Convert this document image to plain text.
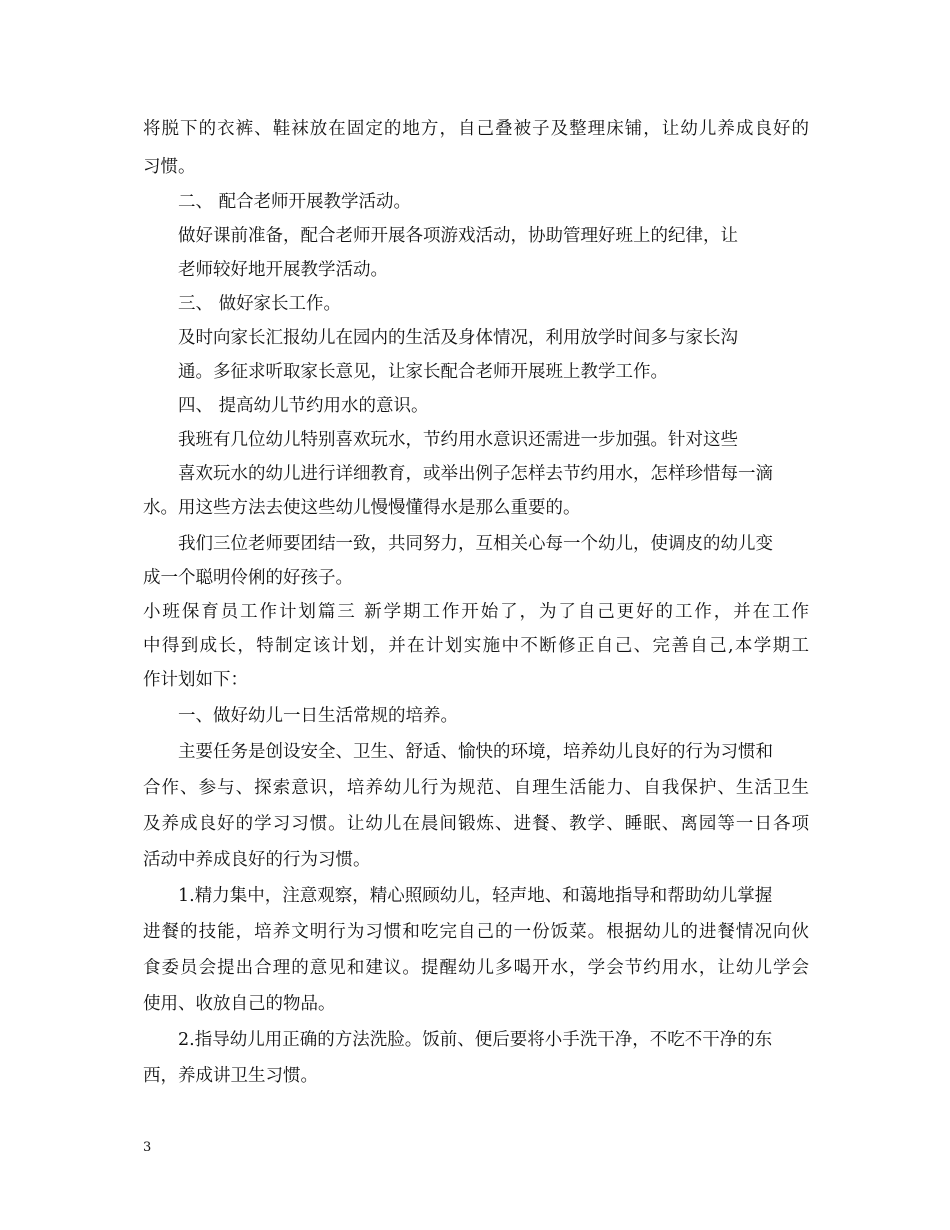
将脱下的衣裤、鞋袜放在固定的地方，自己叠被子及整理床铺，让幼儿养成良好的
习惯。
二、 配合老师开展教学活动。
做好课前准备，配合老师开展各项游戏活动，协助管理好班上的纪律，让
老师较好地开展教学活动。
三、 做好家长工作。
及时向家长汇报幼儿在园内的生活及身体情况，利用放学时间多与家长沟
通。多征求听取家长意见，让家长配合老师开展班上教学工作。
四、 提高幼儿节约用水的意识。
我班有几位幼儿特别喜欢玩水，节约用水意识还需进一步加强。针对这些
喜欢玩水的幼儿进行详细教育，或举出例子怎样去节约用水，怎样珍惜每一滴
水。用这些方法去使这些幼儿慢慢懂得水是那么重要的。
我们三位老师要团结一致，共同努力，互相关心每一个幼儿，使调皮的幼儿变
成一个聪明伶俐的好孩子。
小班保育员工作计划篇三 新学期工作开始了，为了自己更好的工作，并在工作
中得到成长，特制定该计划，并在计划实施中不断修正自己、完善自己,本学期工
作计划如下：
一、做好幼儿一日生活常规的培养。
主要任务是创设安全、卫生、舒适、愉快的环境，培养幼儿良好的行为习惯和
合作、参与、探索意识，培养幼儿行为规范、自理生活能力、自我保护、生活卫生
及养成良好的学习习惯。让幼儿在晨间锻炼、进餐、教学、睡眠、离园等一日各项
活动中养成良好的行为习惯。
1.精力集中，注意观察，精心照顾幼儿，轻声地、和蔼地指导和帮助幼儿掌握
进餐的技能，培养文明行为习惯和吃完自己的一份饭菜。根据幼儿的进餐情况向伙
食委员会提出合理的意见和建议。提醒幼儿多喝开水，学会节约用水，让幼儿学会
使用、收放自己的物品。
2.指导幼儿用正确的方法洗脸。饭前、便后要将小手洗干净，不吃不干净的东
西，养成讲卫生习惯。
3
